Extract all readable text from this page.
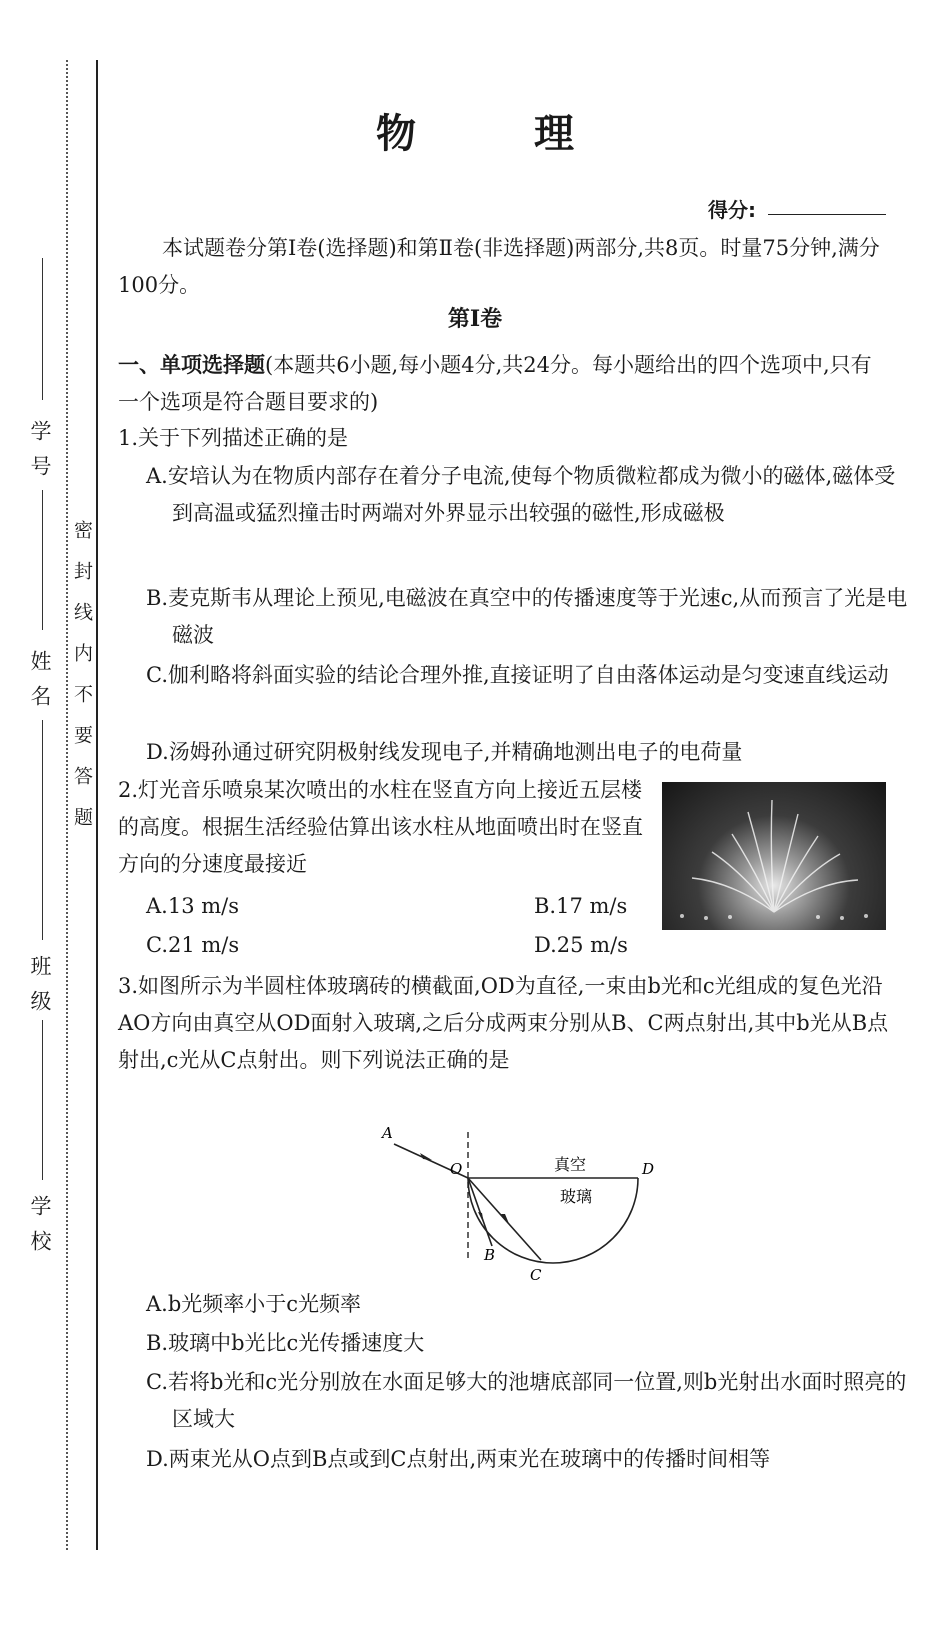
学号
姓名
班级
学校
密封线内不要答题
物 理
得分:
本试题卷分第Ⅰ卷(选择题)和第Ⅱ卷(非选择题)两部分,共8页。时量75分钟,满分100分。
第Ⅰ卷
一、单项选择题(本题共6小题,每小题4分,共24分。每小题给出的四个选项中,只有一个选项是符合题目要求的)
1.关于下列描述正确的是
A.安培认为在物质内部存在着分子电流,使每个物质微粒都成为微小的磁体,磁体受到高温或猛烈撞击时两端对外界显示出较强的磁性,形成磁极
B.麦克斯韦从理论上预见,电磁波在真空中的传播速度等于光速c,从而预言了光是电磁波
C.伽利略将斜面实验的结论合理外推,直接证明了自由落体运动是匀变速直线运动
D.汤姆孙通过研究阴极射线发现电子,并精确地测出电子的电荷量
2.灯光音乐喷泉某次喷出的水柱在竖直方向上接近五层楼的高度。根据生活经验估算出该水柱从地面喷出时在竖直方向的分速度最接近
A.13 m/s	B.17 m/s
C.21 m/s	D.25 m/s
3.如图所示为半圆柱体玻璃砖的横截面,OD为直径,一束由b光和c光组成的复色光沿AO方向由真空从OD面射入玻璃,之后分成两束分别从B、C两点射出,其中b光从B点射出,c光从C点射出。则下列说法正确的是
A
O	D
B
C
真空
玻璃
A.b光频率小于c光频率
B.玻璃中b光比c光传播速度大
C.若将b光和c光分别放在水面足够大的池塘底部同一位置,则b光射出水面时照亮的区域大
D.两束光从O点到B点或到C点射出,两束光在玻璃中的传播时间相等
